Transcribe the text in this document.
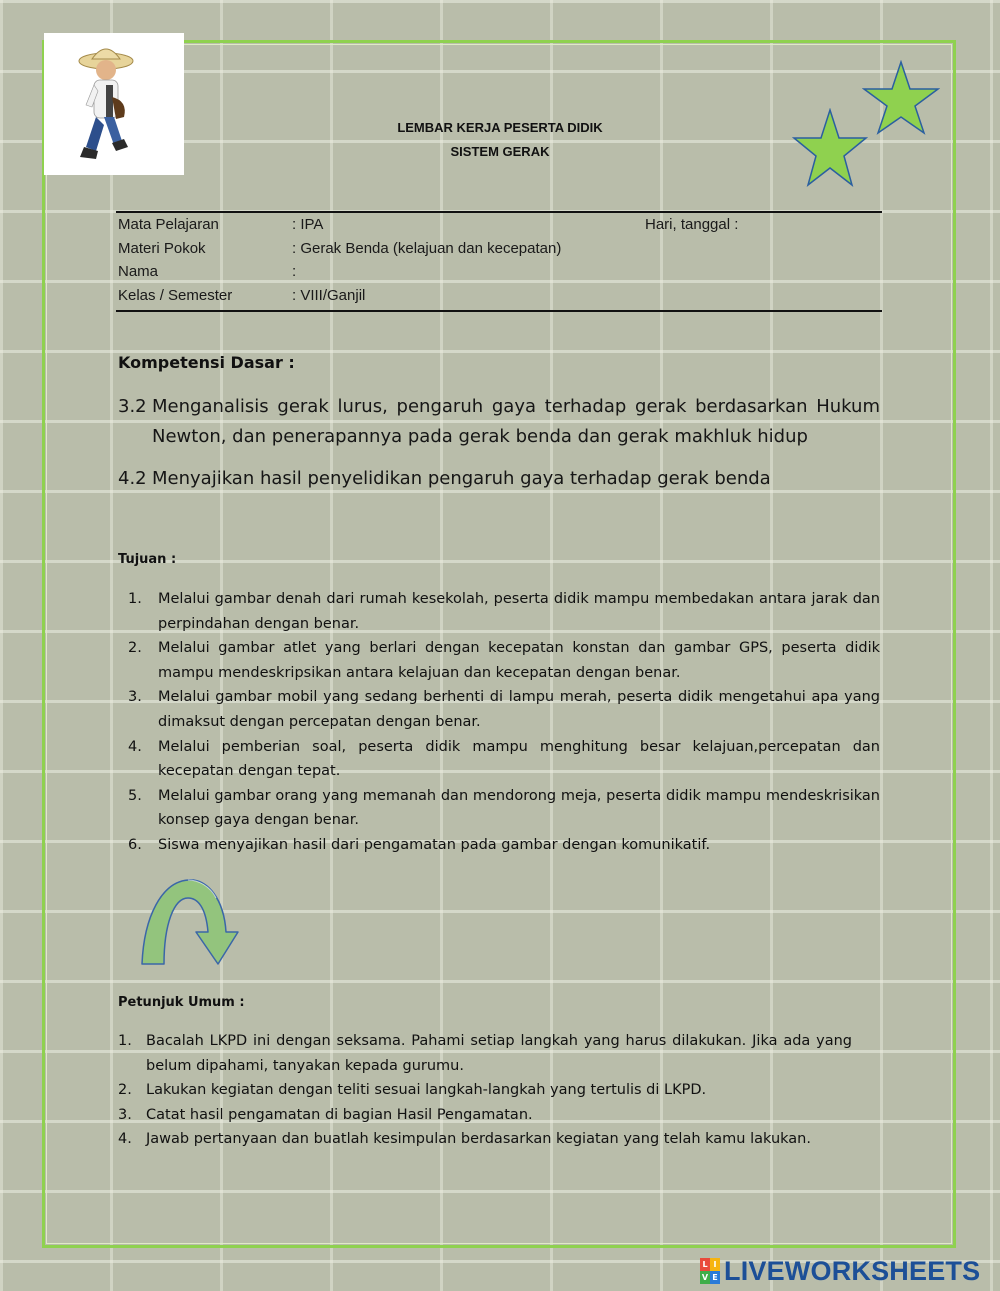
LEMBAR KERJA PESERTA DIDIK
SISTEM GERAK
Mata Pelajaran	: IPA	Hari, tanggal :
Materi Pokok	: Gerak Benda (kelajuan dan kecepatan)
Nama	:
Kelas / Semester	: VIII/Ganjil
Kompetensi Dasar :
3.2 Menganalisis gerak lurus, pengaruh gaya terhadap gerak berdasarkan Hukum Newton, dan penerapannya pada gerak benda dan gerak makhluk hidup
4.2 Menyajikan hasil penyelidikan pengaruh gaya terhadap gerak benda
Tujuan :
1. Melalui gambar denah dari rumah kesekolah, peserta didik mampu membedakan antara jarak dan perpindahan dengan benar.
2. Melalui gambar atlet yang berlari dengan kecepatan konstan dan gambar GPS, peserta didik mampu mendeskripsikan antara kelajuan dan kecepatan dengan benar.
3. Melalui gambar mobil yang sedang berhenti di lampu merah, peserta didik mengetahui apa yang dimaksut dengan percepatan dengan benar.
4. Melalui pemberian soal, peserta didik mampu menghitung besar kelajuan,percepatan dan kecepatan dengan tepat.
5. Melalui gambar orang yang memanah dan mendorong meja, peserta didik mampu mendeskrisikan konsep gaya dengan benar.
6. Siswa menyajikan hasil dari pengamatan pada gambar dengan komunikatif.
Petunjuk Umum :
1. Bacalah LKPD ini dengan seksama. Pahami setiap langkah yang harus dilakukan. Jika ada yang belum dipahami, tanyakan kepada gurumu.
2. Lakukan kegiatan dengan teliti sesuai langkah-langkah yang tertulis di LKPD.
3. Catat hasil pengamatan di bagian Hasil Pengamatan.
4. Jawab pertanyaan dan buatlah kesimpulan berdasarkan kegiatan yang telah kamu lakukan.
L I
V E LIVEWORKSHEETS
